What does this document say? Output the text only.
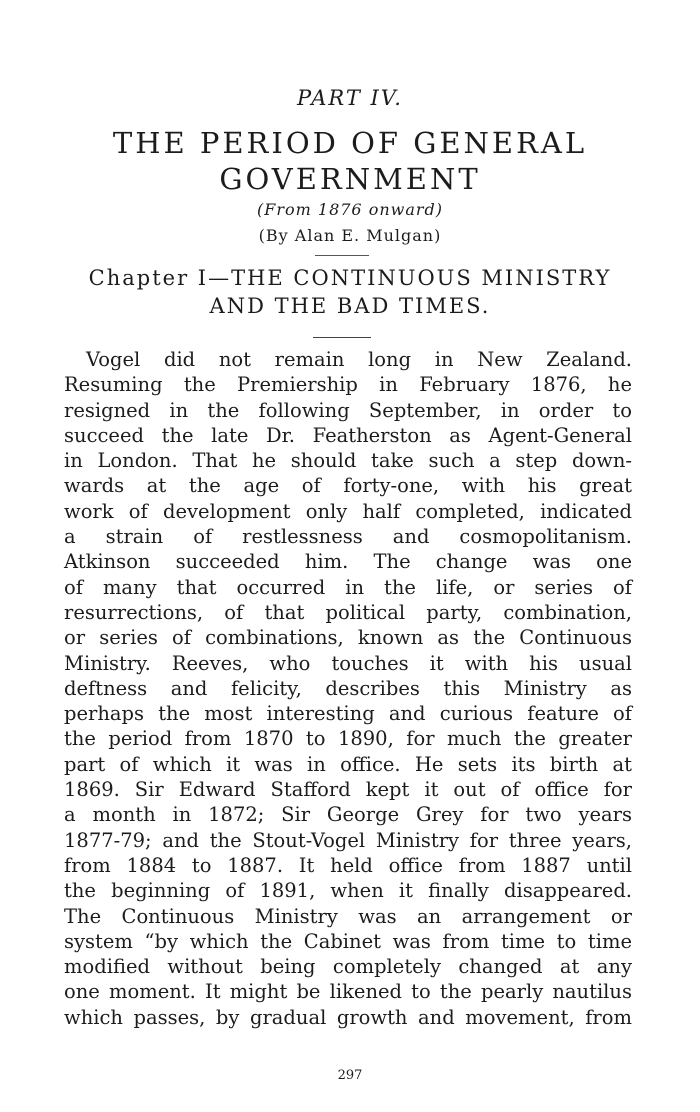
PART IV.
THE PERIOD OF GENERAL
GOVERNMENT
(From 1876 onward)
(By Alan E. Mulgan)
Chapter I—THE CONTINUOUS MINISTRY
AND THE BAD TIMES.
Vogel did not remain long in New Zealand.
Resuming the Premiership in February 1876, he
resigned in the following September, in order to
succeed the late Dr. Featherston as Agent-General
in London. That he should take such a step down-
wards at the age of forty-one, with his great
work of development only half completed, indicated
a strain of restlessness and cosmopolitanism.
Atkinson succeeded him. The change was one
of many that occurred in the life, or series of
resurrections, of that political party, combination,
or series of combinations, known as the Continuous
Ministry. Reeves, who touches it with his usual
deftness and felicity, describes this Ministry as
perhaps the most interesting and curious feature of
the period from 1870 to 1890, for much the greater
part of which it was in office. He sets its birth at
1869. Sir Edward Stafford kept it out of office for
a month in 1872; Sir George Grey for two years
1877-79; and the Stout-Vogel Ministry for three years,
from 1884 to 1887. It held office from 1887 until
the beginning of 1891, when it finally disappeared.
The Continuous Ministry was an arrangement or
system “by which the Cabinet was from time to time
modified without being completely changed at any
one moment. It might be likened to the pearly nautilus
which passes, by gradual growth and movement, from
297
